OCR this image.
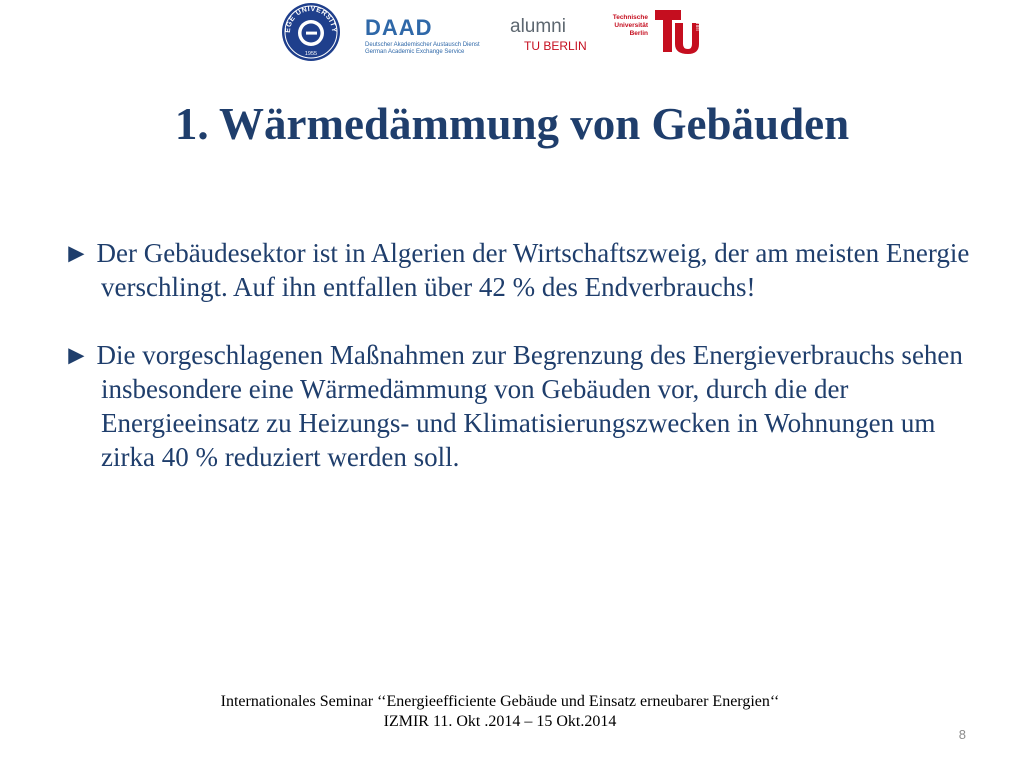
EGE UNIVERSITY
1955
DAAD
Deutscher Akademischer Austausch Dienst
German Academic Exchange Service
alumni
TU BERLIN
Technische
Universität
Berlin
berlin
1. Wärmedämmung von Gebäuden

► Der Gebäudesektor ist in Algerien der Wirtschaftszweig, der am meisten Energie verschlingt. Auf ihn entfallen über 42 % des Endverbrauchs!

► Die vorgeschlagenen Maßnahmen zur Begrenzung des Energieverbrauchs sehen insbesondere eine Wärmedämmung von Gebäuden vor, durch die der Energieeinsatz zu Heizungs- und Klimatisierungszwecken in Wohnungen um zirka 40 % reduziert werden soll.

Internationales Seminar ‘‘Energieefficiente Gebäude und Einsatz erneubarer Energien‘‘
IZMIR 11. Okt .2014 – 15 Okt.2014
8
